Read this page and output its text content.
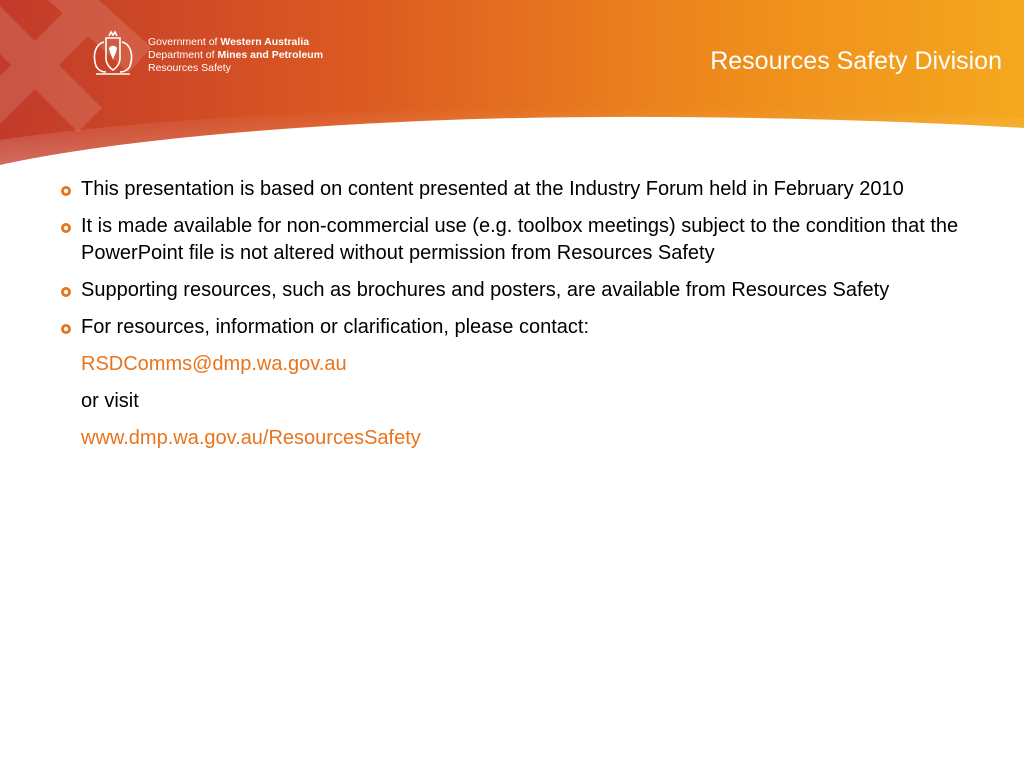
Government of Western Australia
Department of Mines and Petroleum
Resources Safety	Resources Safety Division
This presentation is based on content presented at the Industry Forum held in February 2010
It is made available for non-commercial use (e.g. toolbox meetings) subject to the condition that the PowerPoint file is not altered without permission from Resources Safety
Supporting resources, such as brochures and posters, are available from Resources Safety
For resources, information or clarification, please contact:
RSDComms@dmp.wa.gov.au
or visit
www.dmp.wa.gov.au/ResourcesSafety
